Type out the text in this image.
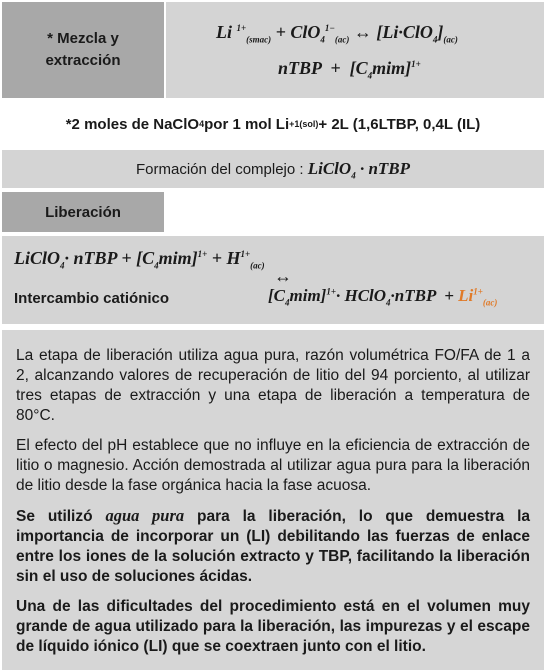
* Mezcla y
extracción
Li $^{1+}_{(smac)}$ + ClO$_4^{1-}_{(ac)}$ ↔ $[Li\cdot ClO_4]_{(ac)}$
nTBP + $[C_4mim]^{1+}$
*2 moles de NaClO 4 por 1 mol Li +1 (sol) + 2L (1,6LTBP, 0,4L (IL)
Formación del complejo : LiClO$_4$ · nTBP
Liberación
LiClO$_4$· nTBP + $[C_4mim]^{1+} + H^{1+}_{(ac)}$
↔
Intercambio catiónico	$[C_4mim]^{1+}\cdot$ HClO$_4$·nTBP  + $Li^{1+}_{(ac)}$

La etapa de liberación utiliza agua pura, razón volumétrica FO/FA de 1 a 2, alcanzando valores de recuperación de litio del 94 porciento, al utilizar tres etapas de extracción y una etapa de liberación a temperatura de 80°C.

El efecto del pH establece que no influye en la eficiencia de extracción de litio o magnesio. Acción demostrada al utilizar agua pura para la liberación de litio desde la fase orgánica hacia la fase acuosa.

Se utilizó agua pura para la liberación, lo que demuestra la importancia de incorporar un (LI) debilitando las fuerzas de enlace entre los iones de la solución extracto y TBP, facilitando la liberación sin el uso de soluciones ácidas.

Una de las dificultades del procedimiento está en el volumen muy grande de agua utilizado para la liberación, las impurezas y el escape de líquido iónico (LI) que se coextraen junto con el litio.
